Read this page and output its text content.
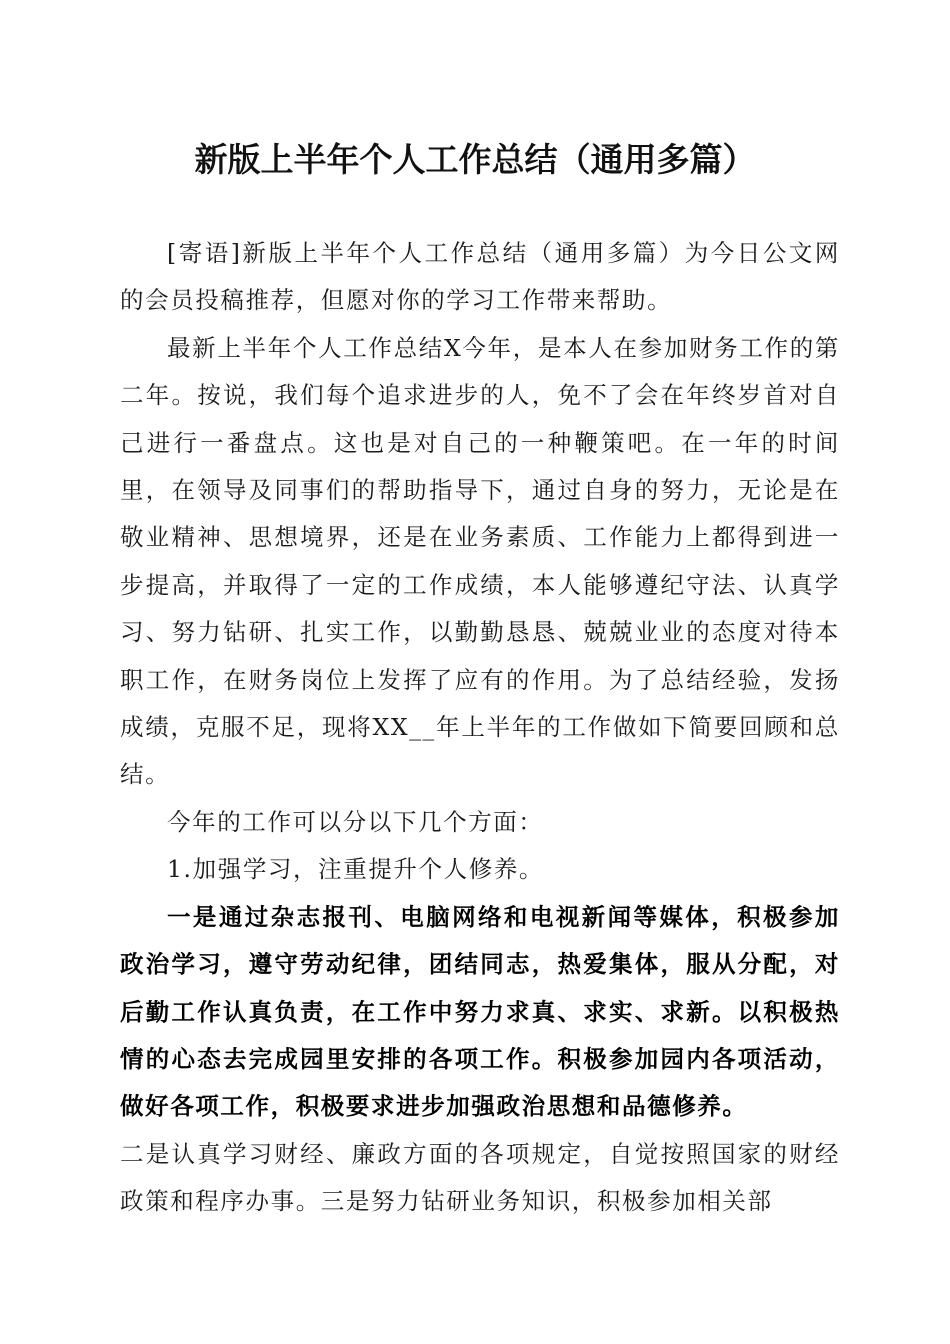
新版上半年个人工作总结（通用多篇）

[寄语]新版上半年个人工作总结（通用多篇）为今日公文网的会员投稿推荐，但愿对你的学习工作带来帮助。

最新上半年个人工作总结X今年，是本人在参加财务工作的第二年。按说，我们每个追求进步的人，免不了会在年终岁首对自己进行一番盘点。这也是对自己的一种鞭策吧。在一年的时间里，在领导及同事们的帮助指导下，通过自身的努力，无论是在敬业精神、思想境界，还是在业务素质、工作能力上都得到进一步提高，并取得了一定的工作成绩，本人能够遵纪守法、认真学习、努力钻研、扎实工作，以勤勤恳恳、兢兢业业的态度对待本职工作，在财务岗位上发挥了应有的作用。为了总结经验，发扬成绩，克服不足，现将XX__年上半年的工作做如下简要回顾和总结。

今年的工作可以分以下几个方面：

1.加强学习，注重提升个人修养。

一是通过杂志报刊、电脑网络和电视新闻等媒体，积极参加政治学习，遵守劳动纪律，团结同志，热爱集体，服从分配，对后勤工作认真负责，在工作中努力求真、求实、求新。以积极热情的心态去完成园里安排的各项工作。积极参加园内各项活动，做好各项工作，积极要求进步加强政治思想和品德修养。

二是认真学习财经、廉政方面的各项规定，自觉按照国家的财经政策和程序办事。三是努力钻研业务知识，积极参加相关部
